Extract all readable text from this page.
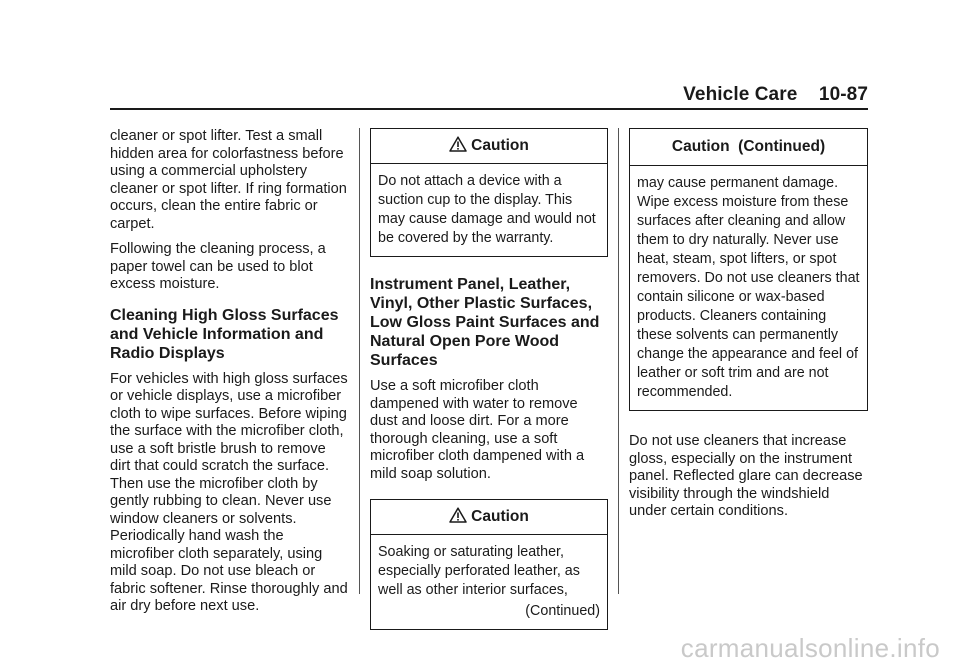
Vehicle Care    10-87

cleaner or spot lifter. Test a small hidden area for colorfastness before using a commercial upholstery cleaner or spot lifter. If ring formation occurs, clean the entire fabric or carpet.

Following the cleaning process, a paper towel can be used to blot excess moisture.

Cleaning High Gloss Surfaces and Vehicle Information and Radio Displays

For vehicles with high gloss surfaces or vehicle displays, use a microfiber cloth to wipe surfaces. Before wiping the surface with the microfiber cloth, use a soft bristle brush to remove dirt that could scratch the surface. Then use the microfiber cloth by gently rubbing to clean. Never use window cleaners or solvents. Periodically hand wash the microfiber cloth separately, using mild soap. Do not use bleach or fabric softener. Rinse thoroughly and air dry before next use.

Caution
Do not attach a device with a suction cup to the display. This may cause damage and would not be covered by the warranty.
Instrument Panel, Leather, Vinyl, Other Plastic Surfaces, Low Gloss Paint Surfaces and Natural Open Pore Wood Surfaces

Use a soft microfiber cloth dampened with water to remove dust and loose dirt. For a more thorough cleaning, use a soft microfiber cloth dampened with a mild soap solution.

Caution
Soaking or saturating leather, especially perforated leather, as well as other interior surfaces,
(Continued)
Caution  (Continued)
may cause permanent damage. Wipe excess moisture from these surfaces after cleaning and allow them to dry naturally. Never use heat, steam, spot lifters, or spot removers. Do not use cleaners that contain silicone or wax-based products. Cleaners containing these solvents can permanently change the appearance and feel of leather or soft trim and are not recommended.

Do not use cleaners that increase gloss, especially on the instrument panel. Reflected glare can decrease visibility through the windshield under certain conditions.

carmanualsonline.info
